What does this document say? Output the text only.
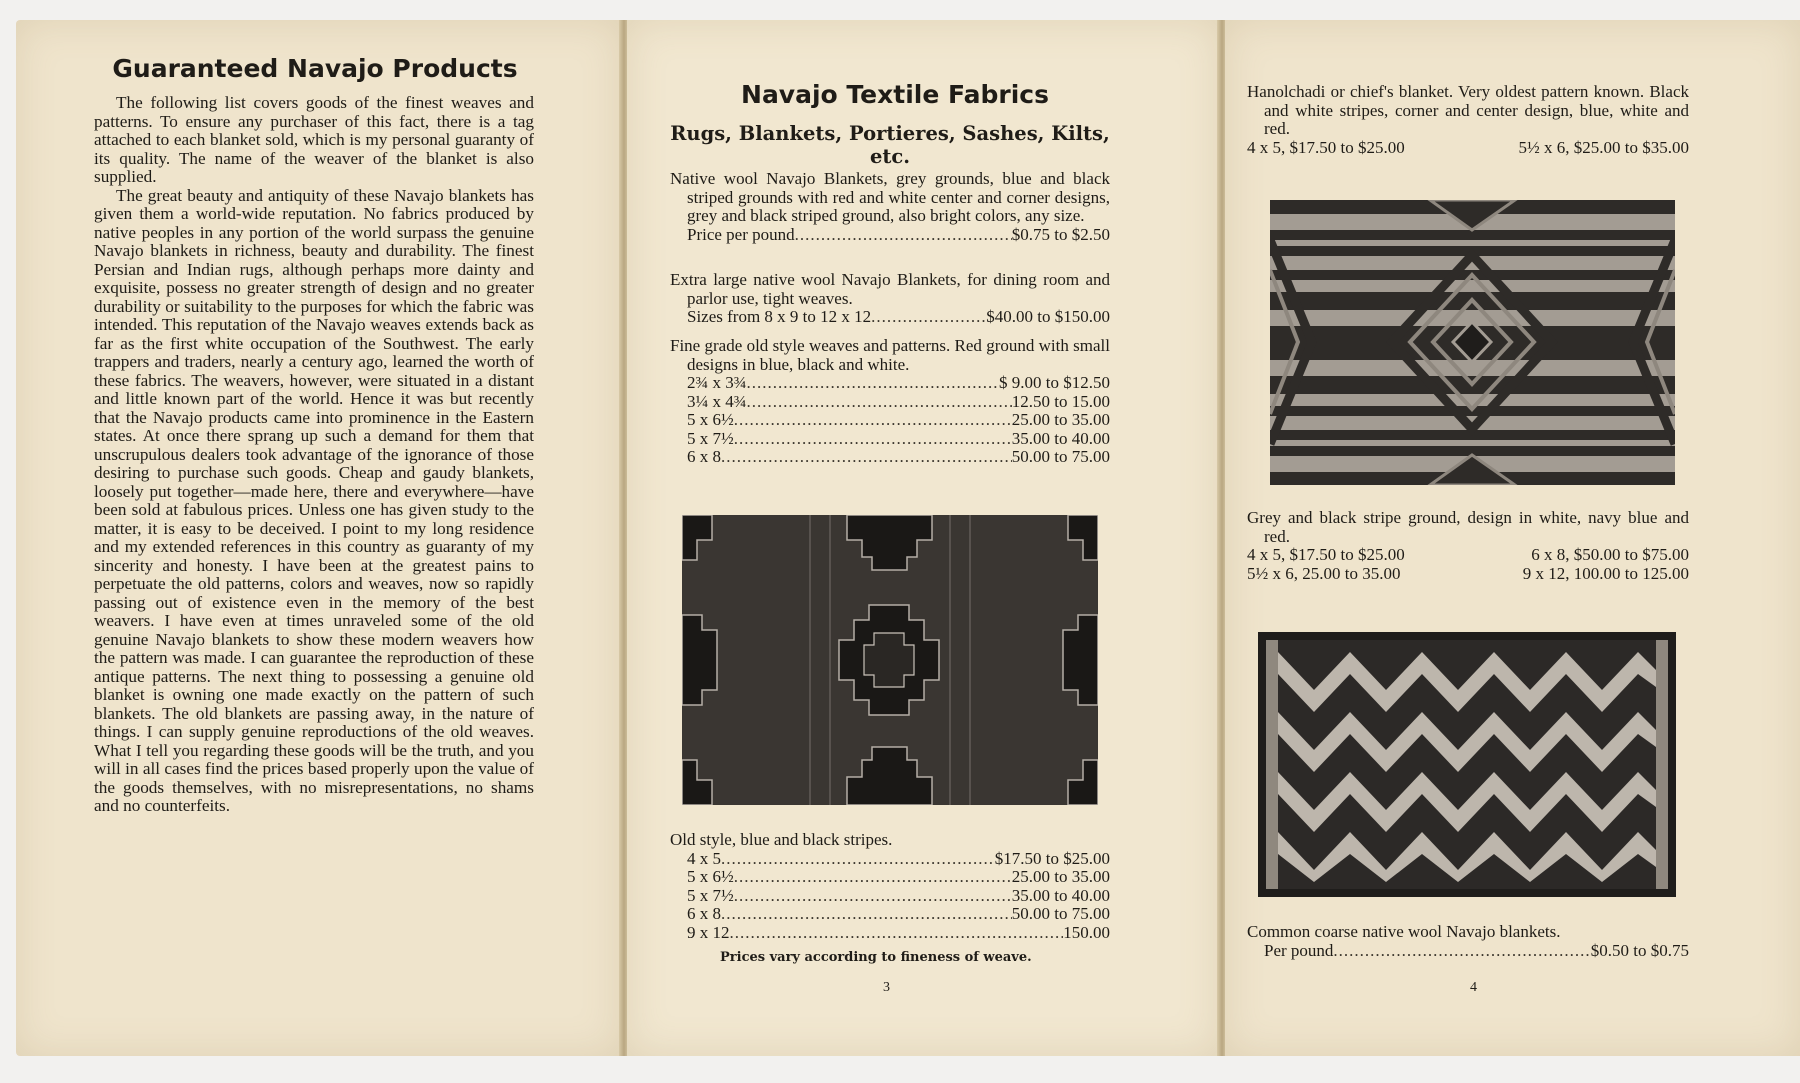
Guaranteed Navajo Products

The following list covers goods of the finest weaves and patterns. To ensure any purchaser of this fact, there is a tag attached to each blanket sold, which is my personal guaranty of its quality. The name of the weaver of the blanket is also supplied.

The great beauty and antiquity of these Navajo blankets has given them a world-wide reputation. No fabrics produced by native peoples in any portion of the world surpass the genuine Navajo blankets in richness, beauty and durability. The finest Persian and Indian rugs, although perhaps more dainty and exquisite, possess no greater strength of design and no greater durability or suitability to the purposes for which the fabric was intended. This reputation of the Navajo weaves extends back as far as the first white occupation of the Southwest. The early trappers and traders, nearly a century ago, learned the worth of these fabrics. The weavers, however, were situated in a distant and little known part of the world. Hence it was but recently that the Navajo products came into prominence in the Eastern states. At once there sprang up such a demand for them that unscrupulous dealers took advantage of the ignorance of those desiring to purchase such goods. Cheap and gaudy blankets, loosely put together—made here, there and everywhere—have been sold at fabulous prices. Unless one has given study to the matter, it is easy to be deceived. I point to my long residence and my extended references in this country as guaranty of my sincerity and honesty. I have been at the greatest pains to perpetuate the old patterns, colors and weaves, now so rapidly passing out of existence even in the memory of the best weavers. I have even at times unraveled some of the old genuine Navajo blankets to show these modern weavers how the pattern was made. I can guarantee the reproduction of these antique patterns. The next thing to possessing a genuine old blanket is owning one made exactly on the pattern of such blankets. The old blankets are passing away, in the nature of things. I can supply genuine reproductions of the old weaves. What I tell you regarding these goods will be the truth, and you will in all cases find the prices based properly upon the value of the goods themselves, with no misrepresentations, no shams and no counterfeits.

Navajo Textile Fabrics
Rugs, Blankets, Portieres, Sashes, Kilts, etc.
Native wool Navajo Blankets, grey grounds, blue and black striped grounds with red and white center and corner designs, grey and black striped ground, also bright colors, any size.
Price per pound .....	$0.75 to $2.50
Extra large native wool Navajo Blankets, for dining room and parlor use, tight weaves.
Sizes from 8 x 9 to 12 x 12 .....	$40.00 to $150.00
Fine grade old style weaves and patterns. Red ground with small designs in blue, black and white.
2¾ x 3¾ .....	$ 9.00 to $12.50
3¼ x 4¾ .....	12.50 to 15.00
5 x 6½ .....	25.00 to 35.00
5 x 7½ .....	35.00 to 40.00
6 x 8 .....	50.00 to 75.00
Old style, blue and black stripes.
4 x 5 .....	$17.50 to $25.00
5 x 6½ .....	25.00 to 35.00
5 x 7½ .....	35.00 to 40.00
6 x 8 .....	50.00 to 75.00
9 x 12 .....	150.00
Prices vary according to fineness of weave.
3
Hanolchadi or chief's blanket. Very oldest pattern known. Black and white stripes, corner and center design, blue, white and red.
4 x 5, $17.50 to $25.00	5½ x 6, $25.00 to $35.00
Grey and black stripe ground, design in white, navy blue and red.
4 x 5, $17.50 to $25.00	6 x 8, $50.00 to $75.00
5½ x 6, 25.00 to 35.00	9 x 12, 100.00 to 125.00
Common coarse native wool Navajo blankets.
Per pound .....	$0.50 to $0.75
4
